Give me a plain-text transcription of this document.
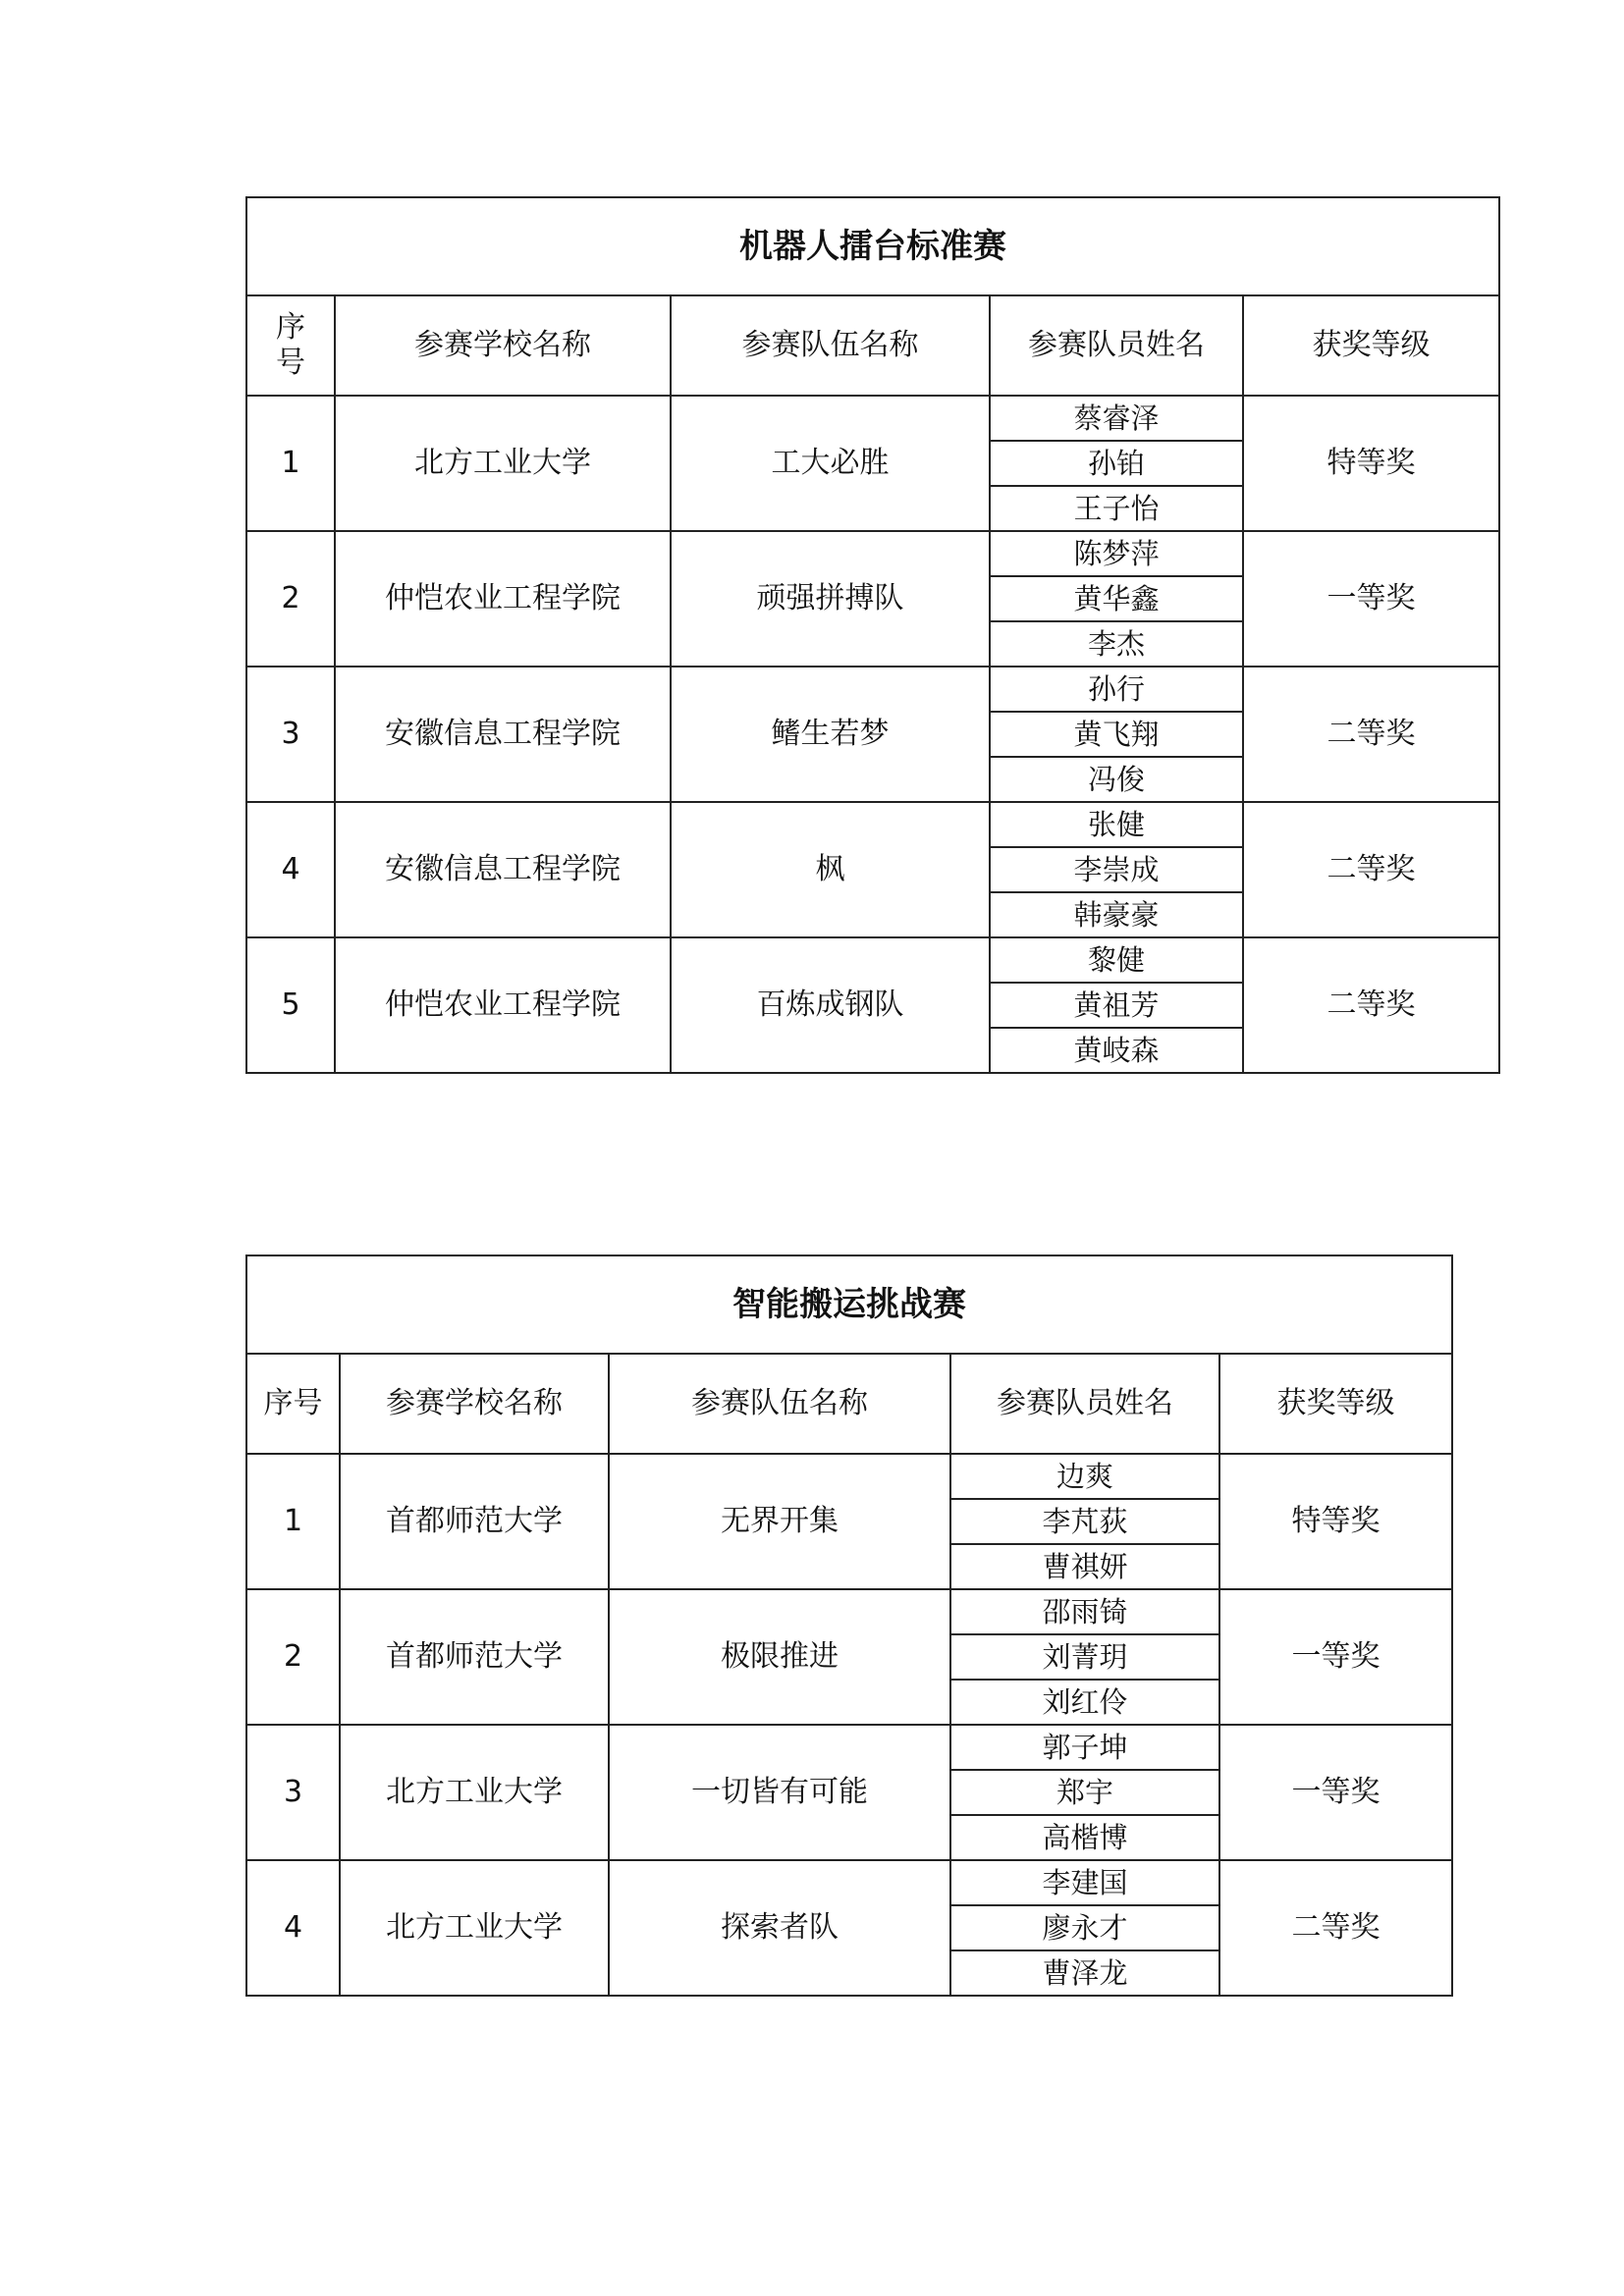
机器人擂台标准赛				
序
号	参赛学校名称	参赛队伍名称	参赛队员姓名	获奖等级
1	北方工业大学	工大必胜	蔡睿泽	特等奖
			孙铂	
			王子怡	
2	仲恺农业工程学院	顽强拼搏队	陈梦萍	一等奖
			黄华鑫	
			李杰	
3	安徽信息工程学院	鳍生若梦	孙行	二等奖
			黄飞翔	
			冯俊	
4	安徽信息工程学院	枫	张健	二等奖
			李崇成	
			韩豪豪	
5	仲恺农业工程学院	百炼成钢队	黎健	二等奖
			黄祖芳	
			黄岐森	
智能搬运挑战赛				
序号	参赛学校名称	参赛队伍名称	参赛队员姓名	获奖等级
1	首都师范大学	无界开集	边爽	特等奖
			李芃荻	
			曹祺妍	
2	首都师范大学	极限推进	邵雨锜	一等奖
			刘菁玥	
			刘红伶	
3	北方工业大学	一切皆有可能	郭子坤	一等奖
			郑宇	
			高楷博	
4	北方工业大学	探索者队	李建国	二等奖
			廖永才	
			曹泽龙	
